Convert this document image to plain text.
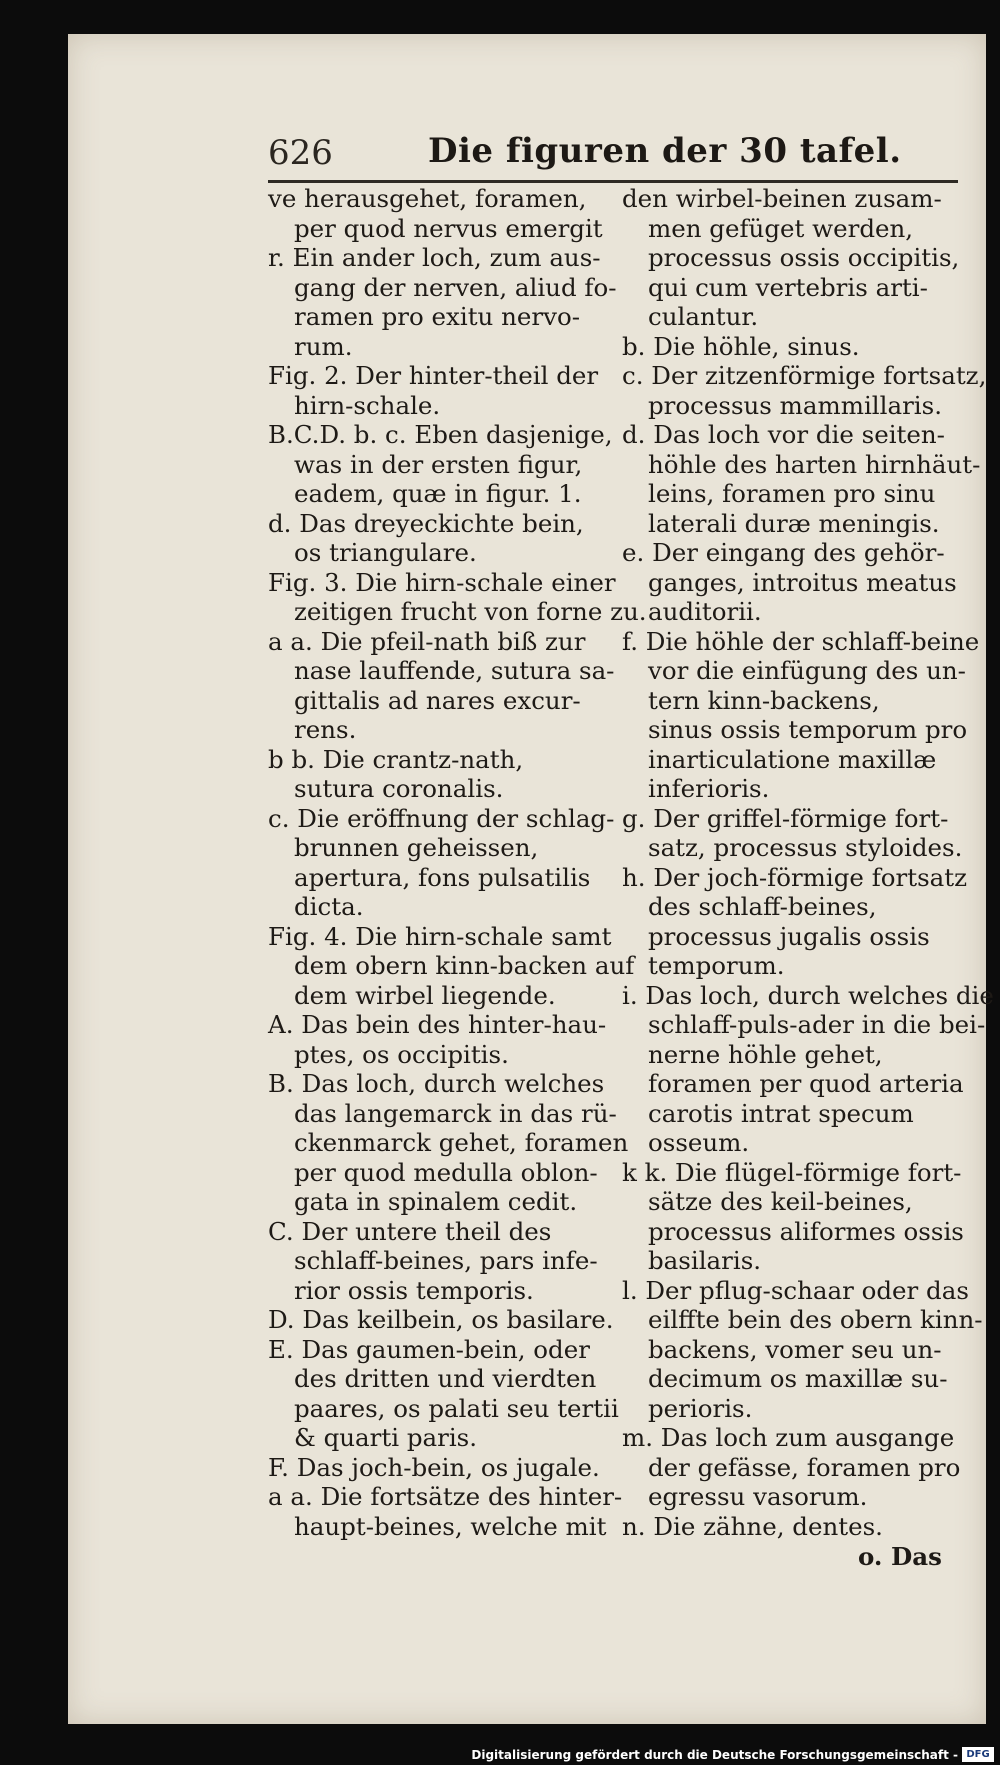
626	Die figuren der 30 tafel.
ve herausgehet, foramen,
per quod nervus emergit
r. Ein ander loch, zum aus-
gang der nerven, aliud fo-
ramen pro exitu nervo-
rum.
Fig. 2. Der hinter-theil der
hirn-schale.
B.C.D. b. c. Eben dasjenige,
was in der ersten figur,
eadem, quæ in figur. 1.
d. Das dreyeckichte bein,
os triangulare.
Fig. 3. Die hirn-schale einer
zeitigen frucht von forne zu.
a a. Die pfeil-nath biß zur
nase lauffende, sutura sa-
gittalis ad nares excur-
rens.
b b. Die crantz-nath,
sutura coronalis.
c. Die eröffnung der schlag-
brunnen geheissen,
apertura, fons pulsatilis
dicta.
Fig. 4. Die hirn-schale samt
dem obern kinn-backen auf
dem wirbel liegende.
A. Das bein des hinter-hau-
ptes, os occipitis.
B. Das loch, durch welches
das langemarck in das rü-
ckenmarck gehet, foramen
per quod medulla oblon-
gata in spinalem cedit.
C. Der untere theil des
schlaff-beines, pars infe-
rior ossis temporis.
D. Das keilbein, os basilare.
E. Das gaumen-bein, oder
des dritten und vierdten
paares, os palati seu tertii
& quarti paris.
F. Das joch-bein, os jugale.
a a. Die fortsätze des hinter-
haupt-beines, welche mit
den wirbel-beinen zusam-
men gefüget werden,
processus ossis occipitis,
qui cum vertebris arti-
culantur.
b. Die höhle, sinus.
c. Der zitzenförmige fortsatz,
processus mammillaris.
d. Das loch vor die seiten-
höhle des harten hirnhäut-
leins, foramen pro sinu
laterali duræ meningis.
e. Der eingang des gehör-
ganges, introitus meatus
auditorii.
f. Die höhle der schlaff-beine
vor die einfügung des un-
tern kinn-backens,
sinus ossis temporum pro
inarticulatione maxillæ
inferioris.
g. Der griffel-förmige fort-
satz, processus styloides.
h. Der joch-förmige fortsatz
des schlaff-beines,
processus jugalis ossis
temporum.
i. Das loch, durch welches die
schlaff-puls-ader in die bei-
nerne höhle gehet,
foramen per quod arteria
carotis intrat specum
osseum.
k k. Die flügel-förmige fort-
sätze des keil-beines,
processus aliformes ossis
basilaris.
l. Der pflug-schaar oder das
eilffte bein des obern kinn-
backens, vomer seu un-
decimum os maxillæ su-
perioris.
m. Das loch zum ausgange
der gefässe, foramen pro
egressu vasorum.
n. Die zähne, dentes.
o. Das
Digitalisierung gefördert durch die Deutsche Forschungsgemeinschaft - DFG
